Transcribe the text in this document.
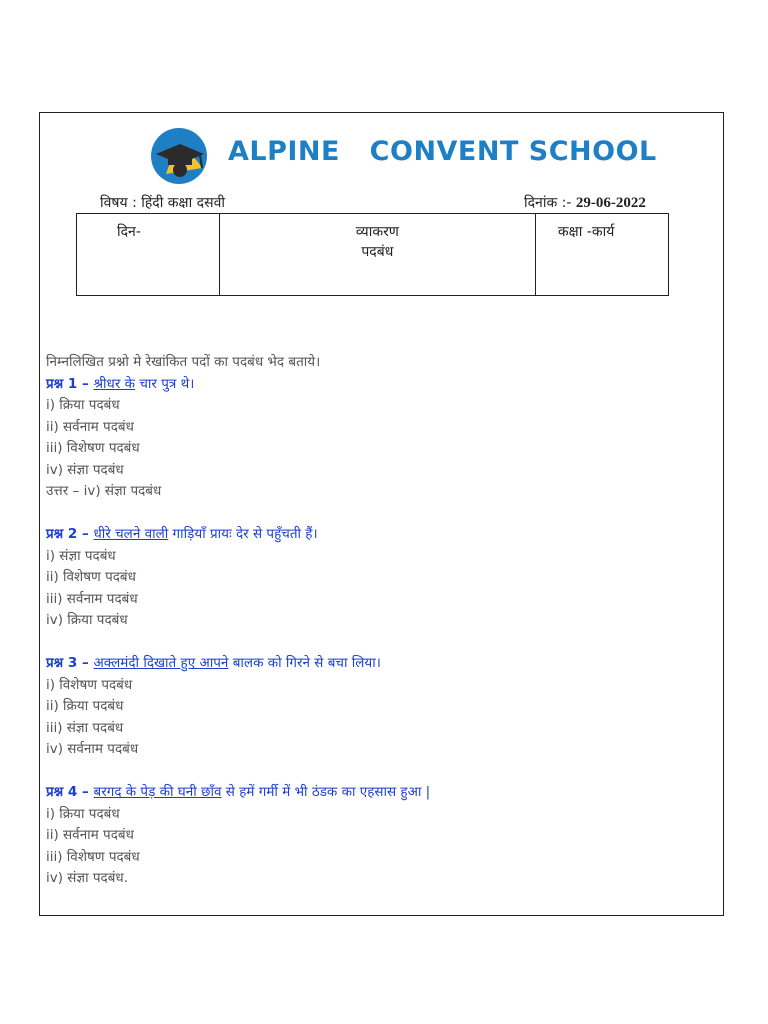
ALPINE   CONVENT SCHOOL
विषय : हिंदी कक्षा दसवी	दिनांक :- 29-06-2022
दिन-	व्याकरण
पदबंध
	कक्षा -कार्य
निम्नलिखित प्रश्नो मे रेखांकित पदों का पदबंध भेद बताये।
प्रश्न 1 – श्रीधर के चार पुत्र थे।
i) क्रिया पदबंध
ii) सर्वनाम पदबंध
iii) विशेषण पदबंध
iv) संज्ञा पदबंध
उत्तर – iv) संज्ञा पदबंध
प्रश्न 2 – धीरे चलने वाली गाड़ियाँ प्रायः देर से पहुँचती हैं।
i) संज्ञा पदबंध
ii) विशेषण पदबंध
iii) सर्वनाम पदबंध
iv) क्रिया पदबंध
प्रश्न 3 – अक्लमंदी दिखाते हुए आपने बालक को गिरने से बचा लिया।
i) विशेषण पदबंध
ii) क्रिया पदबंध
iii) संज्ञा पदबंध
iv) सर्वनाम पदबंध
प्रश्न 4 – बरगद के पेड़ की घनी छाँव से हमें गर्मी में भी ठंडक का एहसास हुआ |
i) क्रिया पदबंध
ii) सर्वनाम पदबंध
iii) विशेषण पदबंध
iv) संज्ञा पदबंध.
